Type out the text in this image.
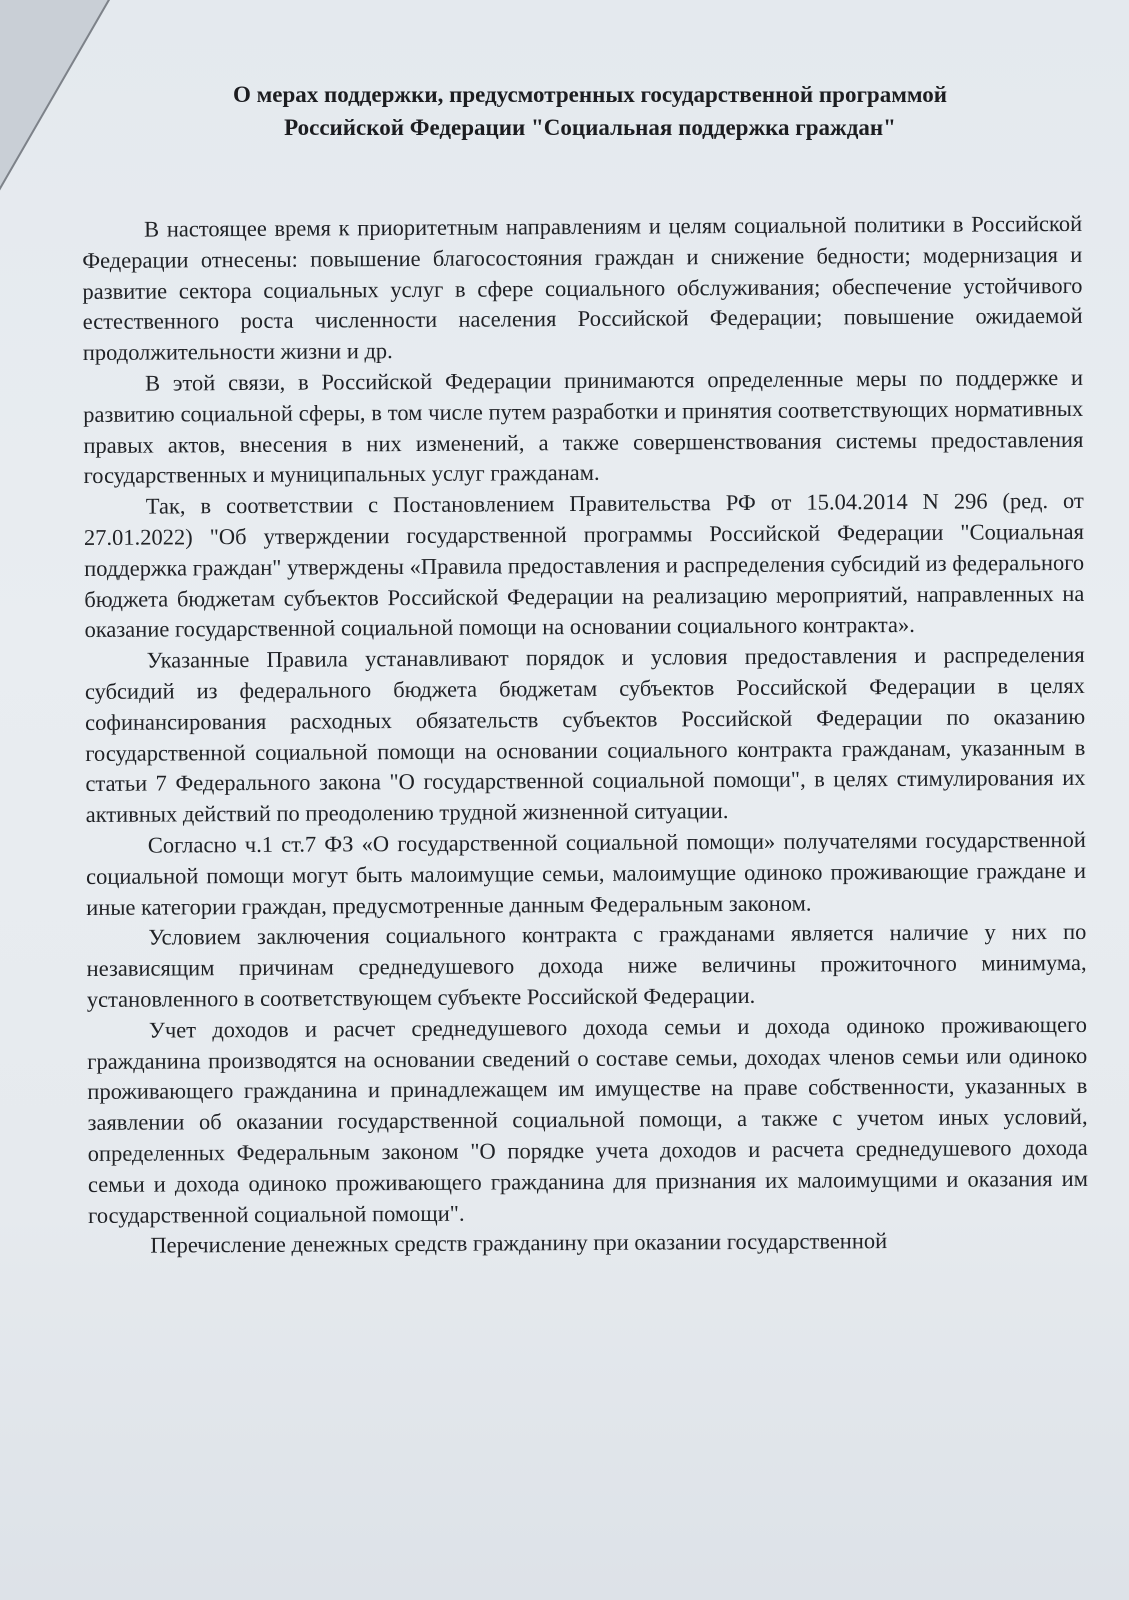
О мерах поддержки, предусмотренных государственной программой
Российской Федерации "Социальная поддержка граждан"

В настоящее время к приоритетным направлениям и целям социальной политики в Российской Федерации отнесены: повышение благосостояния граждан и снижение бедности; модернизация и развитие сектора социальных услуг в сфере социального обслуживания; обеспечение устойчивого естественного роста численности населения Российской Федерации; повышение ожидаемой продолжительности жизни и др.

В этой связи, в Российской Федерации принимаются определенные меры по поддержке и развитию социальной сферы, в том числе путем разработки и принятия соответствующих нормативных правых актов, внесения в них изменений, а также совершенствования системы предоставления государственных и муниципальных услуг гражданам.

Так, в соответствии с Постановлением Правительства РФ от 15.04.2014 N 296 (ред. от 27.01.2022) "Об утверждении государственной программы Российской Федерации "Социальная поддержка граждан" утверждены «Правила предоставления и распределения субсидий из федерального бюджета бюджетам субъектов Российской Федерации на реализацию мероприятий, направленных на оказание государственной социальной помощи на основании социального контракта».

Указанные Правила устанавливают порядок и условия предоставления и распределения субсидий из федерального бюджета бюджетам субъектов Российской Федерации в целях софинансирования расходных обязательств субъектов Российской Федерации по оказанию государственной социальной помощи на основании социального контракта гражданам, указанным в статьи 7 Федерального закона "О государственной социальной помощи", в целях стимулирования их активных действий по преодолению трудной жизненной ситуации.

Согласно ч.1 ст.7 ФЗ «О государственной социальной помощи» получателями государственной социальной помощи могут быть малоимущие семьи, малоимущие одиноко проживающие граждане и иные категории граждан, предусмотренные данным Федеральным законом.

Условием заключения социального контракта с гражданами является наличие у них по независящим причинам среднедушевого дохода ниже величины прожиточного минимума, установленного в соответствующем субъекте Российской Федерации.

Учет доходов и расчет среднедушевого дохода семьи и дохода одиноко проживающего гражданина производятся на основании сведений о составе семьи, доходах членов семьи или одиноко проживающего гражданина и принадлежащем им имуществе на праве собственности, указанных в заявлении об оказании государственной социальной помощи, а также с учетом иных условий, определенных Федеральным законом "О порядке учета доходов и расчета среднедушевого дохода семьи и дохода одиноко проживающего гражданина для признания их малоимущими и оказания им государственной социальной помощи".

Перечисление денежных средств гражданину при оказании государственной
